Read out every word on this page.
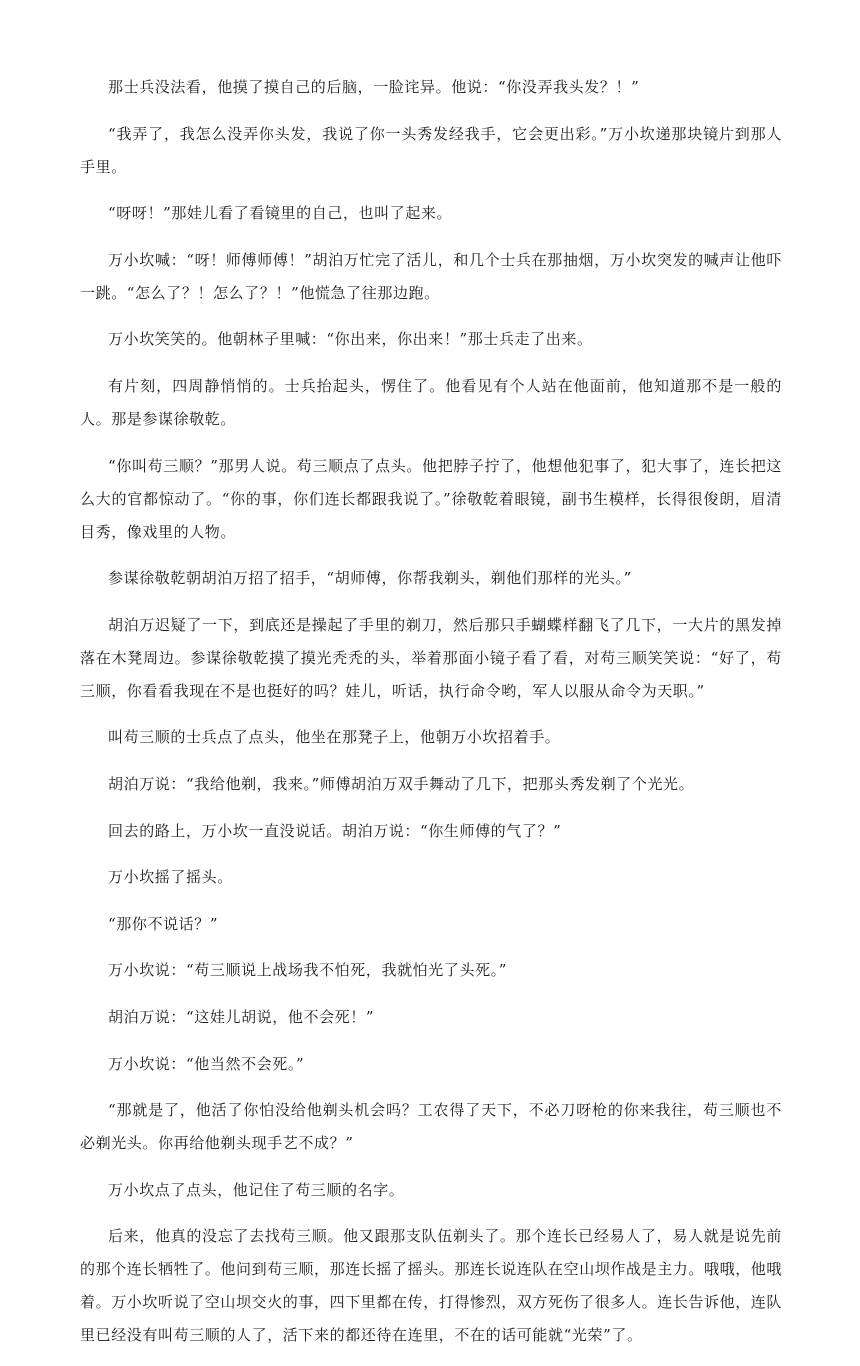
那士兵没法看，他摸了摸自己的后脑，一脸诧异。他说：“你没弄我头发？！”

“我弄了，我怎么没弄你头发，我说了你一头秀发经我手，它会更出彩。”万小坎递那块镜片到那人手里。

“呀呀！”那娃儿看了看镜里的自己，也叫了起来。

万小坎喊：“呀！师傅师傅！”胡泊万忙完了活儿，和几个士兵在那抽烟，万小坎突发的喊声让他吓一跳。“怎么了？！怎么了？！”他慌急了往那边跑。

万小坎笑笑的。他朝林子里喊：“你出来，你出来！”那士兵走了出来。

有片刻，四周静悄悄的。士兵抬起头，愣住了。他看见有个人站在他面前，他知道那不是一般的人。那是参谋徐敬乾。

“你叫苟三顺？”那男人说。苟三顺点了点头。他把脖子拧了，他想他犯事了，犯大事了，连长把这么大的官都惊动了。“你的事，你们连长都跟我说了。”徐敬乾着眼镜，副书生模样，长得很俊朗，眉清目秀，像戏里的人物。

参谋徐敬乾朝胡泊万招了招手，“胡师傅，你帮我剃头，剃他们那样的光头。”

胡泊万迟疑了一下，到底还是操起了手里的剃刀，然后那只手蝴蝶样翻飞了几下，一大片的黑发掉落在木凳周边。参谋徐敬乾摸了摸光秃秃的头，举着那面小镜子看了看，对苟三顺笑笑说：“好了，苟三顺，你看看我现在不是也挺好的吗？娃儿，听话，执行命令哟，军人以服从命令为天职。”

叫苟三顺的士兵点了点头，他坐在那凳子上，他朝万小坎招着手。

胡泊万说：“我给他剃，我来。”师傅胡泊万双手舞动了几下，把那头秀发剃了个光光。

回去的路上，万小坎一直没说话。胡泊万说：“你生师傅的气了？”

万小坎摇了摇头。

“那你不说话？”

万小坎说：“苟三顺说上战场我不怕死，我就怕光了头死。”

胡泊万说：“这娃儿胡说，他不会死！”

万小坎说：“他当然不会死。”

“那就是了，他活了你怕没给他剃头机会吗？工农得了天下，不必刀呀枪的你来我往，苟三顺也不必剃光头。你再给他剃头现手艺不成？”

万小坎点了点头，他记住了苟三顺的名字。

后来，他真的没忘了去找苟三顺。他又跟那支队伍剃头了。那个连长已经易人了，易人就是说先前的那个连长牺牲了。他问到苟三顺，那连长摇了摇头。那连长说连队在空山坝作战是主力。哦哦，他哦着。万小坎听说了空山坝交火的事，四下里都在传，打得惨烈，双方死伤了很多人。连长告诉他，连队里已经没有叫苟三顺的人了，活下来的都还待在连里，不在的话可能就“光荣”了。
